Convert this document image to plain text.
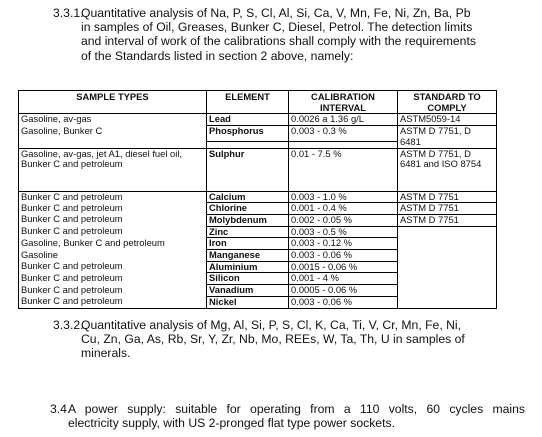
3.3.1.
Quantitative analysis of Na, P, S, Cl, Al, Si, Ca, V, Mn, Fe, Ni, Zn, Ba, Pb
in samples of Oil, Greases, Bunker C, Diesel, Petrol. The detection limits
and interval of work of the calibrations shall comply with the requirements
of the Standards listed in section 2 above, namely:
SAMPLE TYPES	ELEMENT	CALIBRATION INTERVAL	STANDARD TO COMPLY
Gasoline, av-gas	Lead	0.0026 a 1.36 g/L	ASTM5059-14
Gasoline, Bunker C	Phosphorus	0.003 - 0.3 %	ASTM D 7751, D 6481

Gasoline, av-gas, jet A1, diesel fuel oil, Bunker C and petroleum	Sulphur	0.01 - 7.5 %	ASTM D 7751, D 6481 and ISO 8754
Bunker C and petroleum	Calcium	0.003 - 1.0 %	ASTM D 7751
Bunker C and petroleum	Chlorine	0.001 - 0.4 %	ASTM D 7751
Bunker C and petroleum	Molybdenum	0.002 - 0.05 %	ASTM D 7751
Bunker C and petroleum	Zinc	0.003 - 0.5 %	
Gasoline, Bunker C and petroleum	Iron	0.003 - 0.12 %	
Gasoline	Manganese	0.003 - 0.06 %	
Bunker C and petroleum	Aluminium	0.0015 - 0.06 %	
Bunker C and petroleum	Silicon	0.001 - 4 %	
Bunker C and petroleum	Vanadium	0.0005 - 0.06 %	
Bunker C and petroleum	Nickel	0.003 - 0.06 %	
3.3.2.
Quantitative analysis of Mg, Al, Si, P, S, Cl, K, Ca, Ti, V, Cr, Mn, Fe, Ni,
Cu, Zn, Ga, As, Rb, Sr, Y, Zr, Nb, Mo, REEs, W, Ta, Th, U in samples of
minerals.
3.4.
A power supply: suitable for operating from a 110 volts, 60 cycles mains
electricity supply, with US 2-pronged flat type power sockets.
